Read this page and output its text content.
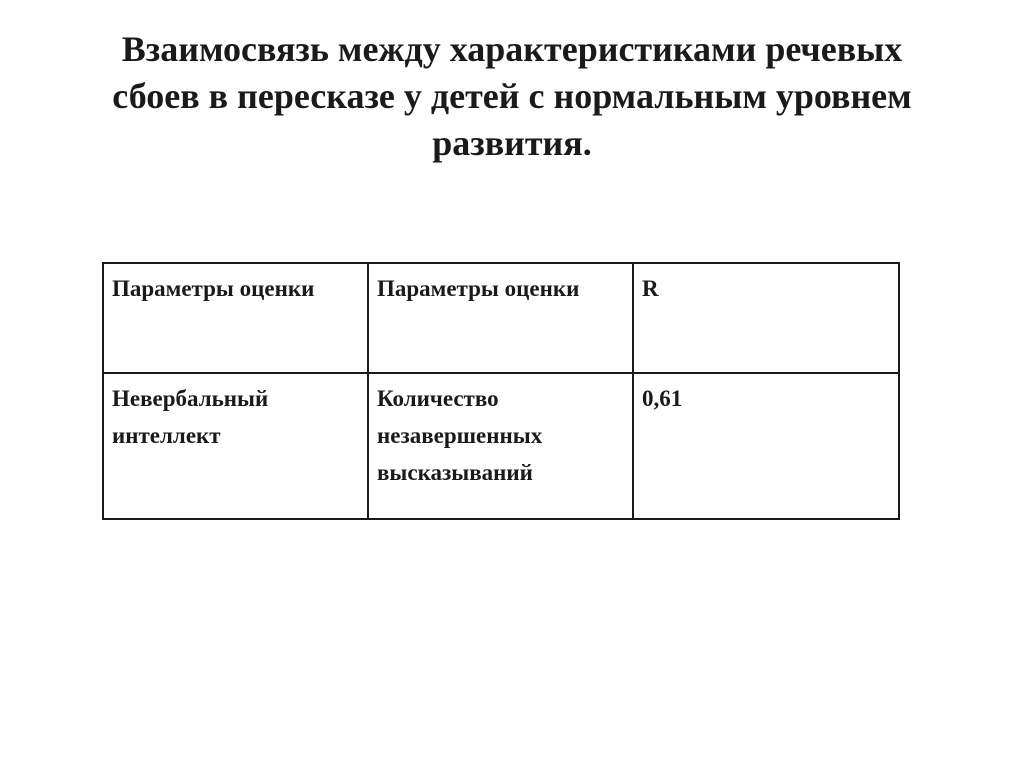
Взаимосвязь между характеристиками речевых
сбоев в пересказе у детей с нормальным уровнем
развития.
Параметры оценки	Параметры оценки	R
Невербальный интеллект	Количество незавершенных высказываний	0,61
